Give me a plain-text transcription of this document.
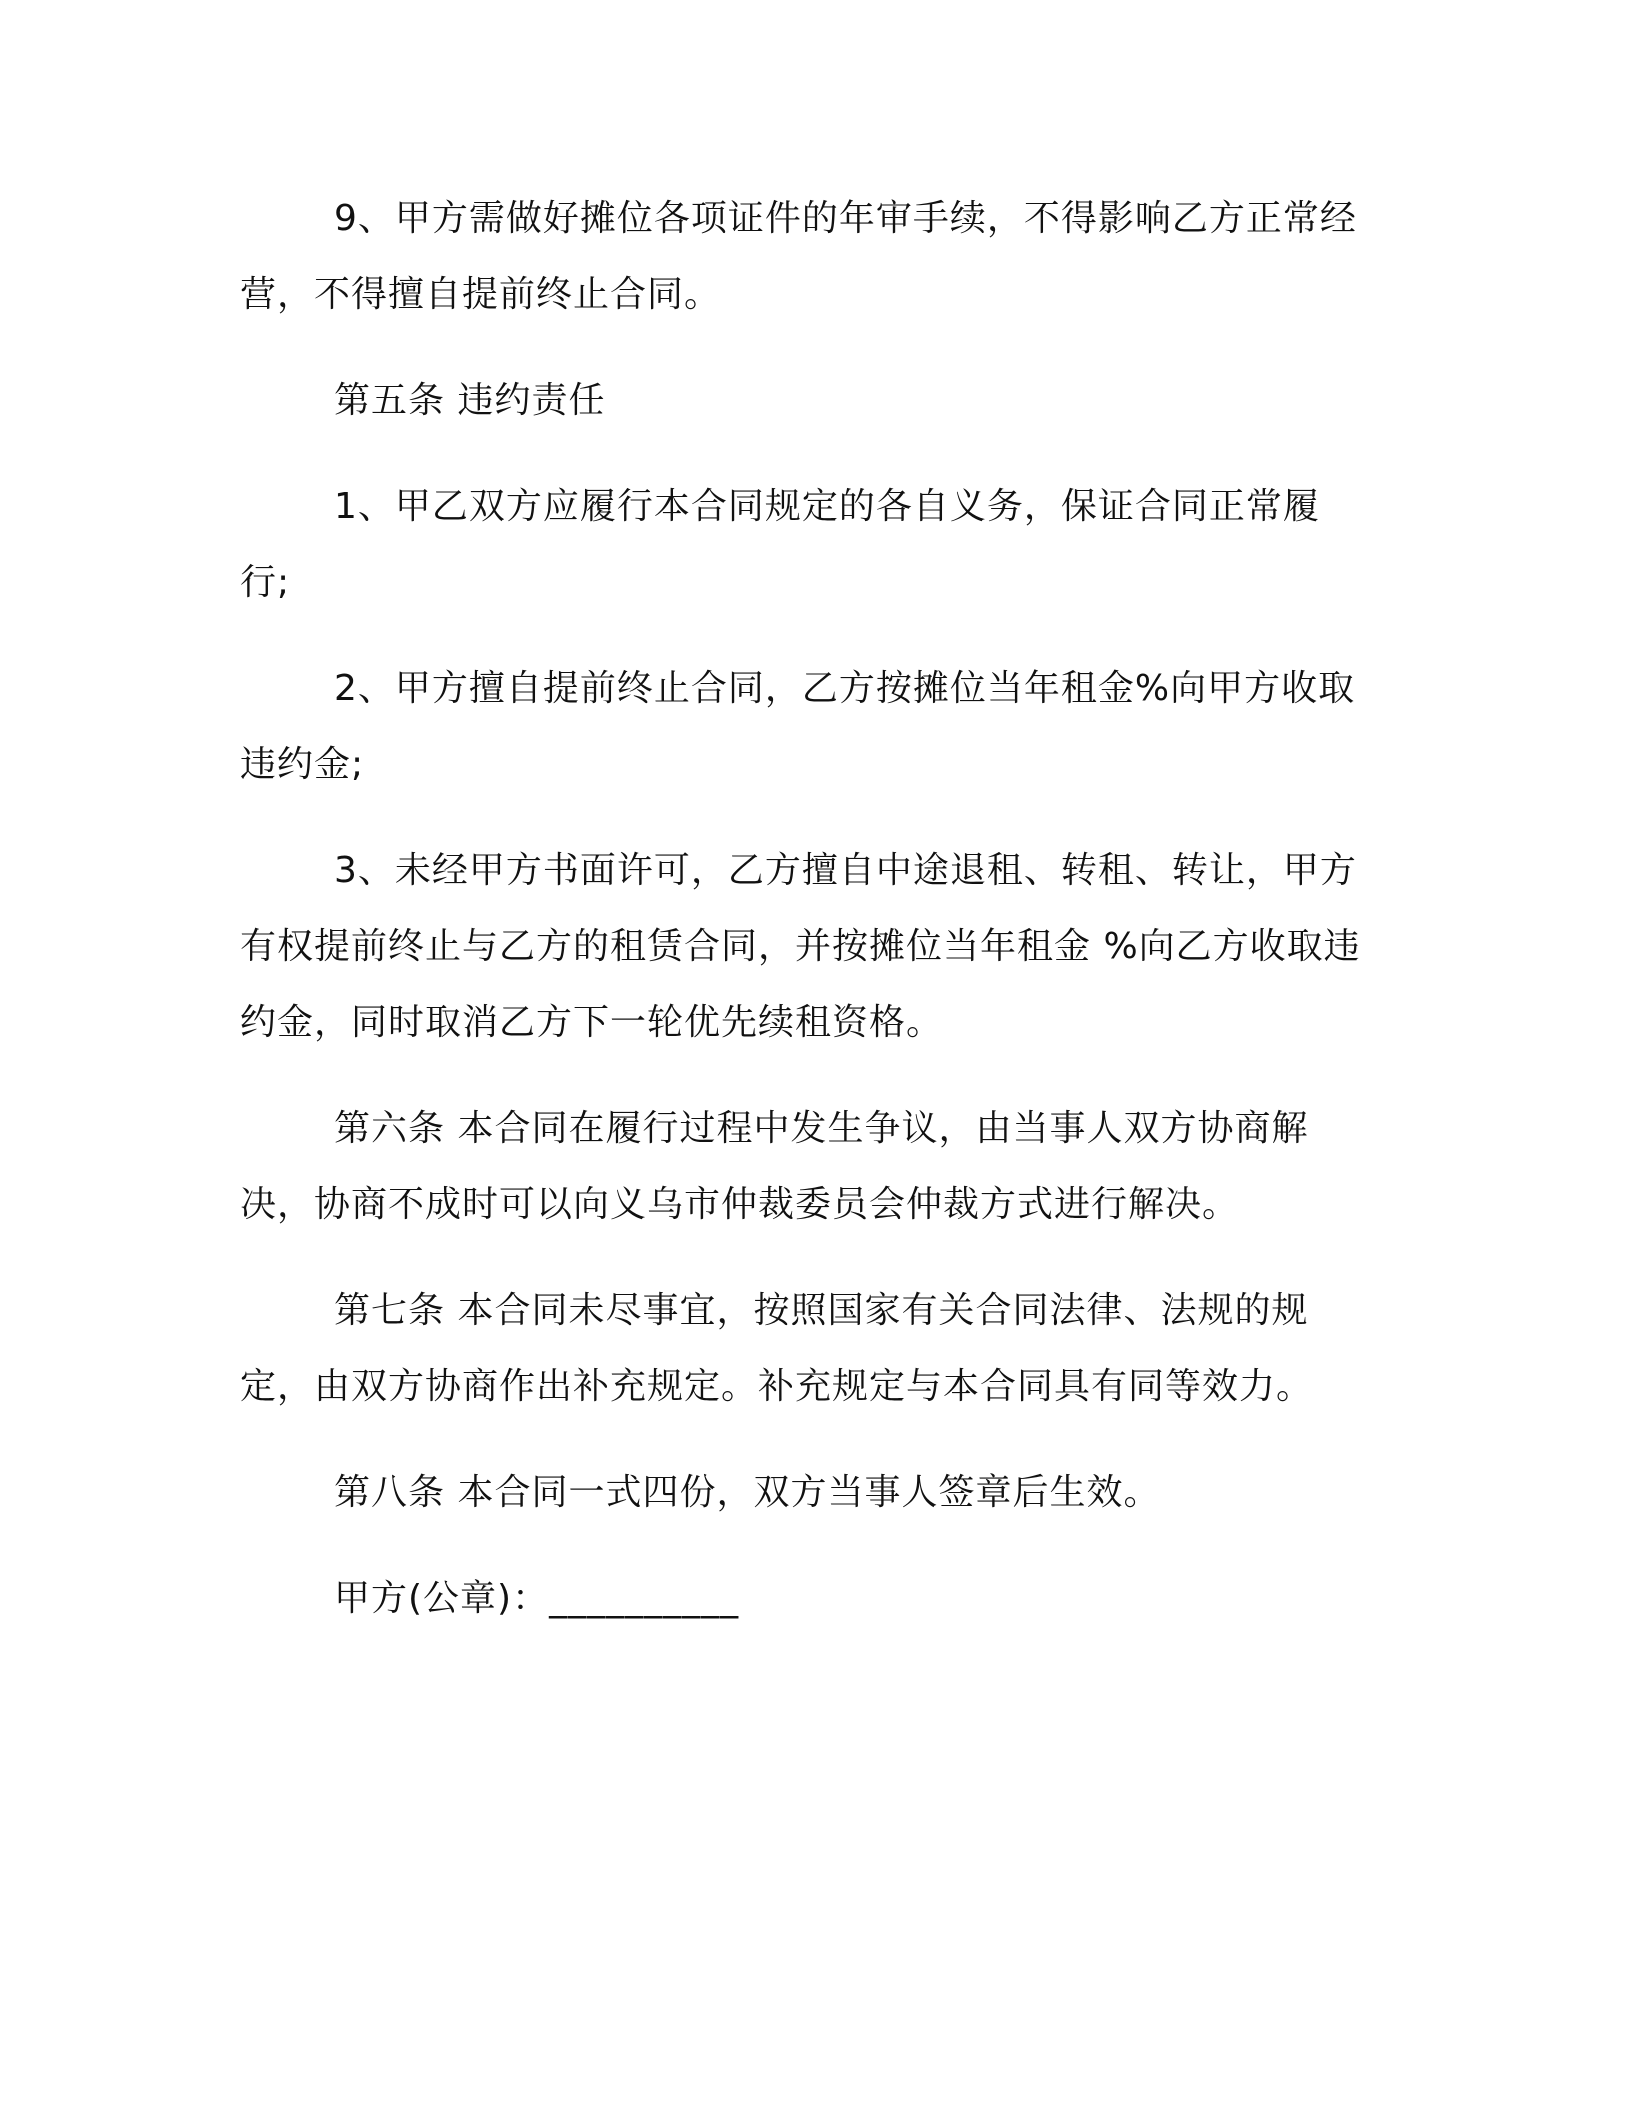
9、甲方需做好摊位各项证件的年审手续，不得影响乙方正常经营，不得擅自提前终止合同。

第五条 违约责任

1、甲乙双方应履行本合同规定的各自义务，保证合同正常履行;

2、甲方擅自提前终止合同，乙方按摊位当年租金%向甲方收取违约金;

3、未经甲方书面许可，乙方擅自中途退租、转租、转让，甲方有权提前终止与乙方的租赁合同，并按摊位当年租金 %向乙方收取违约金，同时取消乙方下一轮优先续租资格。

第六条 本合同在履行过程中发生争议，由当事人双方协商解决，协商不成时可以向义乌市仲裁委员会仲裁方式进行解决。

第七条 本合同未尽事宜，按照国家有关合同法律、法规的规定，由双方协商作出补充规定。补充规定与本合同具有同等效力。

第八条 本合同一式四份，双方当事人签章后生效。

甲方(公章)：__________
